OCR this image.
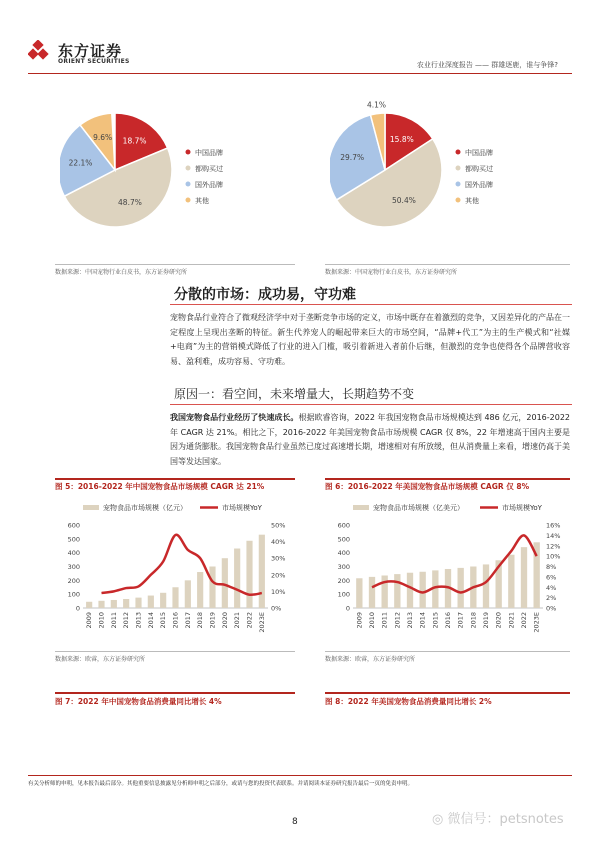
东方证券
ORIENT SECURITIES	农业行业深度报告 —— 群雄逐鹿，谁与争锋?
18.7%
中国品牌
48.7%
都购买过
22.1%
国外品牌
9.6%
其他
15.8%
中国品牌
50.4%
都购买过
29.7%
国外品牌
4.1%
其他
数据来源：中国宠物行业白皮书，东方证券研究所	数据来源：中国宠物行业白皮书，东方证券研究所
分散的市场：成功易，守功难
宠物食品行业符合了微观经济学中对于垄断竞争市场的定义，市场中既存在着激烈的竞争，又因差异化的产品在一定程度上呈现出垄断的特征。新生代养宠人的崛起带来巨大的市场空间，“品牌+代工”为主的生产模式和“社媒+电商”为主的营销模式降低了行业的进入门槛，吸引着新进入者前仆后继，但激烈的竞争也使得各个品牌营收容易、盈利难，成功容易、守功难。
原因一：看空间，未来增量大，长期趋势不变
我国宠物食品行业经历了快速成长。根据欧睿咨询，2022 年我国宠物食品市场规模达到 486 亿元，2016-2022 年 CAGR 达 21%。相比之下，2016-2022 年美国宠物食品市场规模 CAGR 仅 8%，22 年增速高于国内主要是因为通货膨胀。我国宠物食品行业虽然已度过高速增长期，增速相对有所放缓，但从消费量上来看，增速仍高于美国等发达国家。
图 5：2016-2022 年中国宠物食品市场规模 CAGR 达 21%	图 6：2016-2022 年美国宠物食品市场规模 CAGR 仅 8%
宠物食品市场规模（亿元）	市场规模YoY
0
100
200
300
400
500
600
0%
10%
20%
30%
40%
50%
2009 2010 2011 2012 2013 2014 2015 2016 2017 2018 2019 2020 2021 2022 2023E
宠物食品市场规模（亿美元）	市场规模YoY
0
100
200
300
400
500
600
0%
2%
4%
6%
8%
10%
12%
14%
16%
2009 2010 2011 2012 2013 2014 2015 2016 2017 2018 2019 2020 2021 2022 2023E
数据来源：欧睿，东方证券研究所	数据来源：欧睿，东方证券研究所
图 7：2022 年中国宠物食品消费量同比增长 4%	图 8：2022 年美国宠物食品消费量同比增长 2%
有关分析师的申明，见本报告最后部分。其他重要信息披露见分析师申明之后部分，或请与您的投资代表联系。并请阅读本证券研究报告最后一页的免责申明。
8	◎ 微信号：petsnotes
